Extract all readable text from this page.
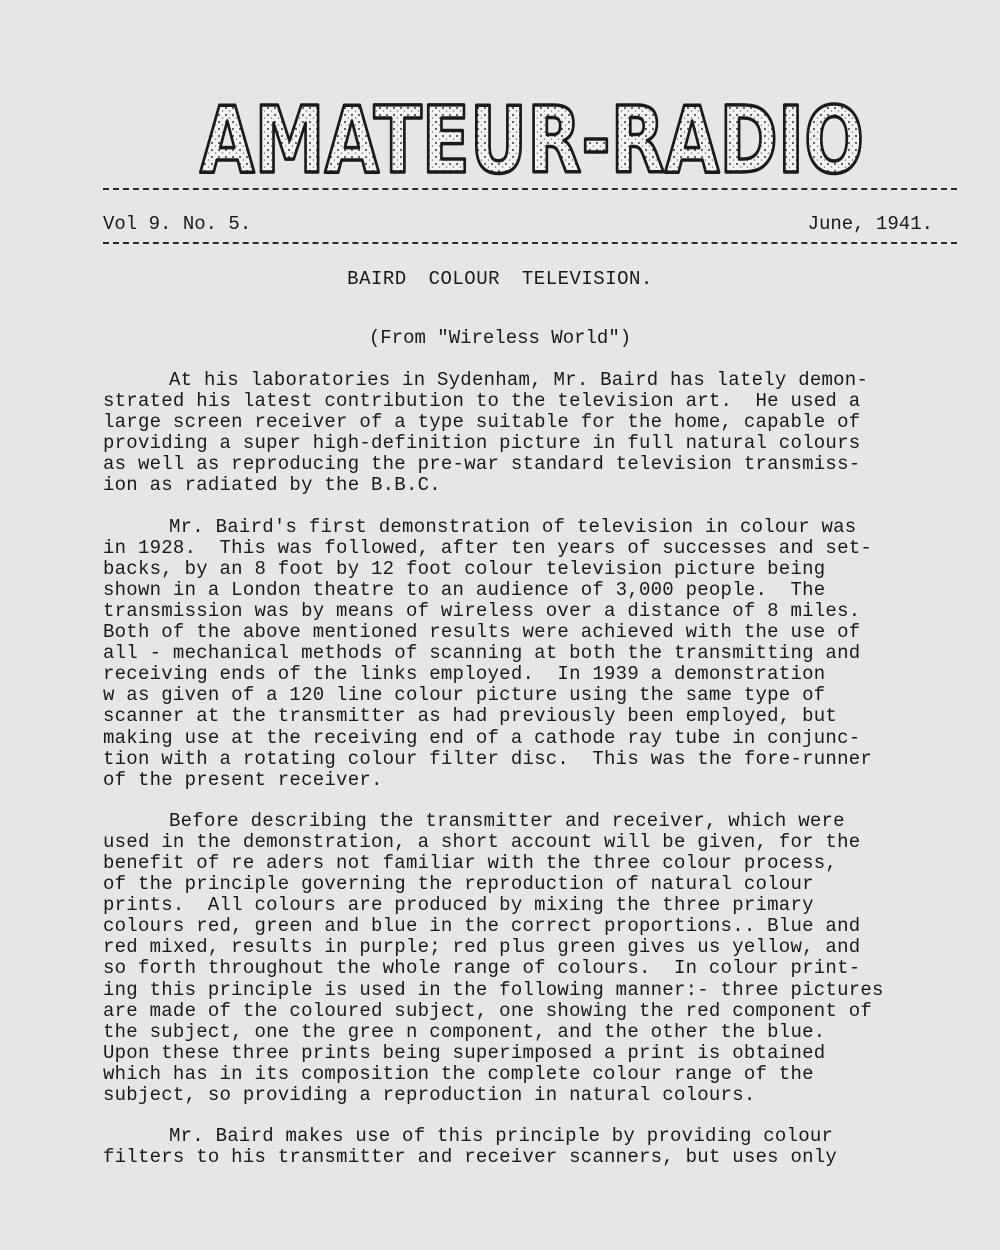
AMATEUR-RADIO
Vol 9. No. 5.	June, 1941.
BAIRD COLOUR TELEVISION.
(From "Wireless World")
At his laboratories in Sydenham, Mr. Baird has lately demon-
strated his latest contribution to the television art.  He used a
large screen receiver of a type suitable for the home, capable of
providing a super high-definition picture in full natural colours
as well as reproducing the pre-war standard television transmiss-
ion as radiated by the B.B.C.
Mr. Baird's first demonstration of television in colour was
in 1928.  This was followed, after ten years of successes and set-
backs, by an 8 foot by 12 foot colour television picture being
shown in a London theatre to an audience of 3,000 people.  The
transmission was by means of wireless over a distance of 8 miles.
Both of the above mentioned results were achieved with the use of
all - mechanical methods of scanning at both the transmitting and
receiving ends of the links employed.  In 1939 a demonstration
w as given of a 120 line colour picture using the same type of
scanner at the transmitter as had previously been employed, but
making use at the receiving end of a cathode ray tube in conjunc-
tion with a rotating colour filter disc.  This was the fore-runner
of the present receiver.
Before describing the transmitter and receiver, which were
used in the demonstration, a short account will be given, for the
benefit of re aders not familiar with the three colour process,
of the principle governing the reproduction of natural colour
prints.  All colours are produced by mixing the three primary
colours red, green and blue in the correct proportions.. Blue and
red mixed, results in purple; red plus green gives us yellow, and
so forth throughout the whole range of colours.  In colour print-
ing this principle is used in the following manner:- three pictures
are made of the coloured subject, one showing the red component of
the subject, one the gree n component, and the other the blue.
Upon these three prints being superimposed a print is obtained
which has in its composition the complete colour range of the
subject, so providing a reproduction in natural colours.
Mr. Baird makes use of this principle by providing colour
filters to his transmitter and receiver scanners, but uses only
